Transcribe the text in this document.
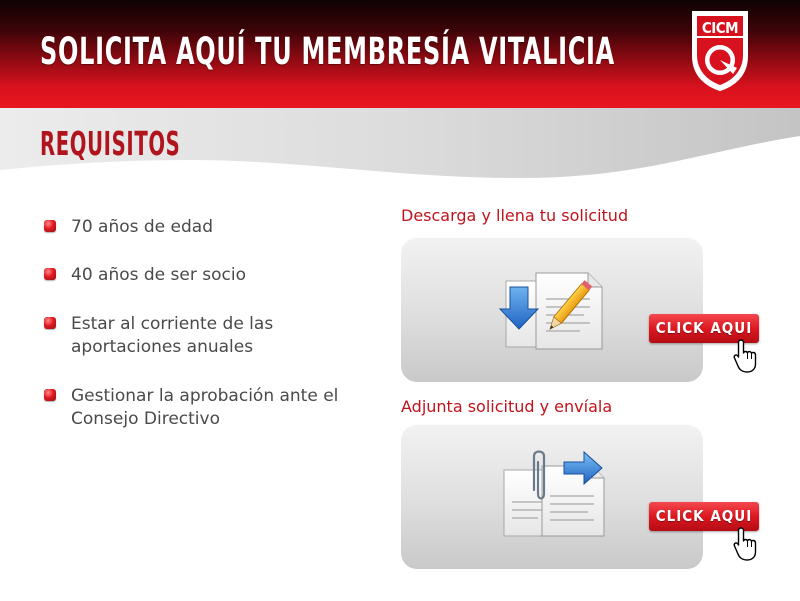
SOLICITA AQUÍ TU MEMBRESÍA VITALICIA
CICM
REQUISITOS
70 años de edad
40 años de ser socio
Estar al corriente de las aportaciones anuales
Gestionar la aprobación ante el Consejo Directivo
Descarga y llena tu solicitud
CLICK AQUI
Adjunta solicitud y envíala
CLICK AQUI
